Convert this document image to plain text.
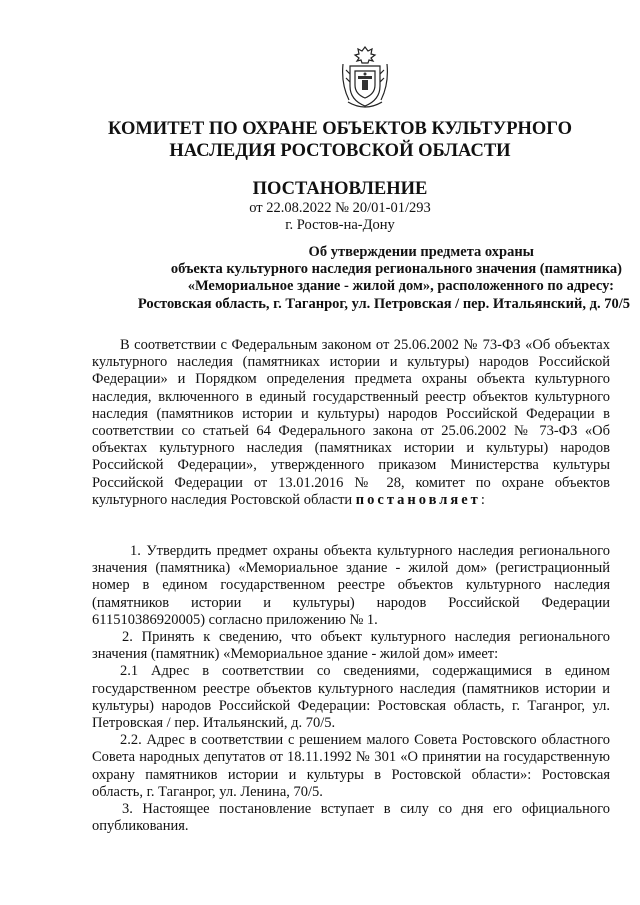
КОМИТЕТ ПО ОХРАНЕ ОБЪЕКТОВ КУЛЬТУРНОГО
НАСЛЕДИЯ РОСТОВСКОЙ ОБЛАСТИ
ПОСТАНОВЛЕНИЕ
от 22.08.2022 № 20/01-01/293
г. Ростов-на-Дону
Об утверждении предмета охраны
объекта культурного наследия регионального значения (памятника)
«Мемориальное здание - жилой дом», расположенного по адресу:
Ростовская область, г. Таганрог, ул. Петровская / пер. Итальянский, д. 70/5

В соответствии с Федеральным законом от 25.06.2002 № 73-ФЗ «Об объектах культурного наследия (памятниках истории и культуры) народов Российской Федерации» и Порядком определения предмета охраны объекта культурного наследия, включенного в единый государственный реестр объектов культурного наследия (памятников истории и культуры) народов Российской Федерации в соответствии со статьей 64 Федерального закона от 25.06.2002 № 73-ФЗ «Об объектах культурного наследия (памятниках истории и культуры) народов Российской Федерации», утвержденного приказом Министерства культуры Российской Федерации от 13.01.2016 № 28, комитет по охране объектов культурного наследия Ростовской области постановляет:

1. Утвердить предмет охраны объекта культурного наследия регионального значения (памятника) «Мемориальное здание - жилой дом» (регистрационный номер в едином государственном реестре объектов культурного наследия (памятников истории и культуры) народов Российской Федерации 611510386920005) согласно приложению № 1.

2. Принять к сведению, что объект культурного наследия регионального значения (памятник) «Мемориальное здание - жилой дом» имеет:

2.1 Адрес в соответствии со сведениями, содержащимися в едином государственном реестре объектов культурного наследия (памятников истории и культуры) народов Российской Федерации: Ростовская область, г. Таганрог, ул. Петровская / пер. Итальянский, д. 70/5.

2.2. Адрес в соответствии с решением малого Совета Ростовского областного Совета народных депутатов от 18.11.1992 № 301 «О принятии на государственную охрану памятников истории и культуры в Ростовской области»: Ростовская область, г. Таганрог, ул. Ленина, 70/5.

3. Настоящее постановление вступает в силу со дня его официального опубликования.
